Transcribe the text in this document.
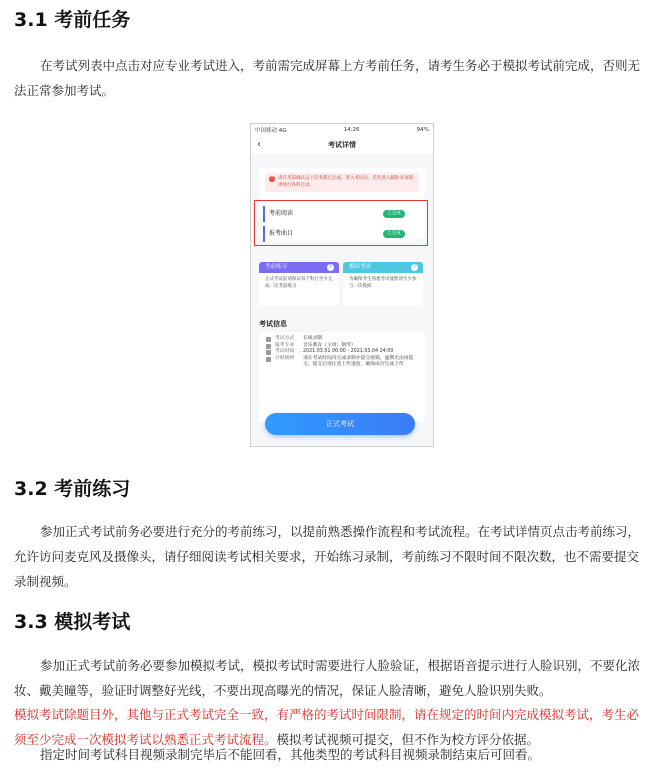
3.1 考前任务

在考试列表中点击对应专业考试进入，考前需完成屏幕上方考前任务，请考生务必于模拟考试前完成，否则无法正常参加考试。

中国移动 4G	14:26	94%
‹	考试详情
!	请在考前确认以下任务都已完成，进入考试后，若先进入辅助业录制请进行各科目录。
考前阅读	已完成
报考曲目	已完成
考前练习	?
正式考试前请保证每个科目至少完成一次考前练习
模拟考试	?
为确保考生熟悉考试流程请至少参与一次模拟
考试信息
考试方式	在线录制
报考专业	音乐教育（主项：钢琴）
考试时间	2021.03.01 00:00 - 2021.03.04 24:00
计时规则	请在考试时间内完成录制并提交视频，逾期无法再提交，提交后请注意上传进度，确保成功完成上传
正式考试
3.2 考前练习

参加正式考试前务必要进行充分的考前练习，以提前熟悉操作流程和考试流程。在考试详情页点击考前练习，允许访问麦克风及摄像头，请仔细阅读考试相关要求，开始练习录制，考前练习不限时间不限次数，也不需要提交录制视频。

3.3 模拟考试

参加正式考试前务必要参加模拟考试，模拟考试时需要进行人脸验证，根据语音提示进行人脸识别，不要化浓妆、戴美瞳等，验证时调整好光线，不要出现高曝光的情况，保证人脸清晰，避免人脸识别失败。

模拟考试除题目外，其他与正式考试完全一致，有严格的考试时间限制，请在规定的时间内完成模拟考试，考生必须至少完成一次模拟考试以熟悉正式考试流程。模拟考试视频可提交，但不作为校方评分依据。

指定时间考试科目视频录制完毕后不能回看，其他类型的考试科目视频录制结束后可回看。
